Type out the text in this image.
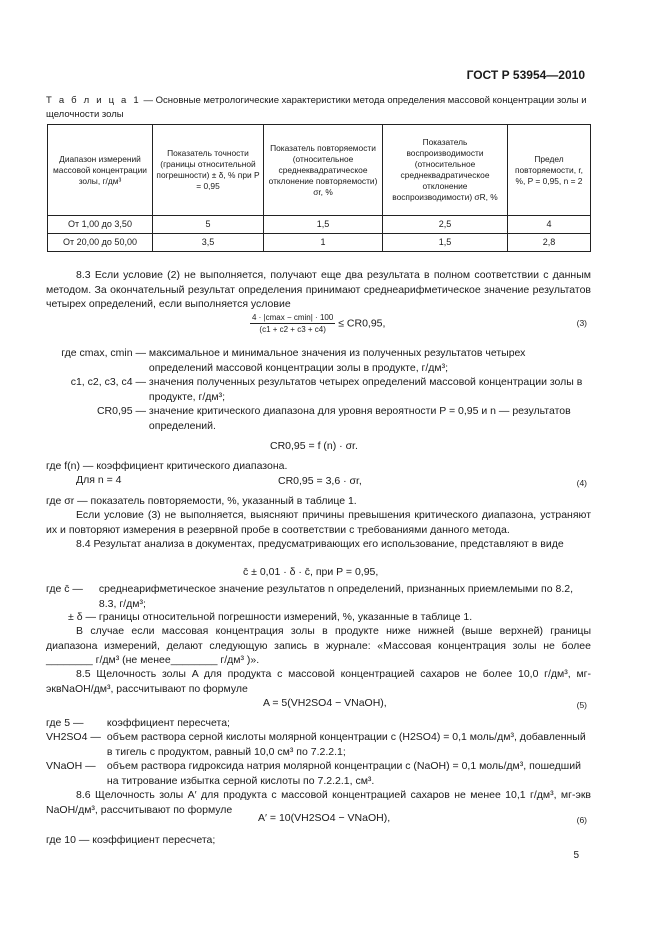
ГОСТ Р 53954—2010
Т а б л и ц а 1 — Основные метрологические характеристики метода определения массовой концентрации золы и щелочности золы
Диапазон измерений массовой концентрации золы, г/дм³	Показатель точности (границы относительной погрешности) ± δ, % при P = 0,95	Показатель повторяемости (относительное среднеквадратическое отклонение повторяемости) σr, %	Показатель воспроизводимости (относительное среднеквадратическое отклонение воспроизводимости) σR, %	Предел повторяемости, r, %, P = 0,95, n = 2
От 1,00 до 3,50	5	1,5	2,5	4
От 20,00 до 50,00	3,5	1	1,5	2,8
8.3 Если условие (2) не выполняется, получают еще два результата в полном соответствии с данным методом. За окончательный результат определения принимают среднеарифметическое значение результатов четырех определений, если выполняется условие
$\frac{4 \cdot |cmax - cmin| \cdot 100}{(c1 + c2 + c3 + c4)} \le CR0,95$,	(3)
где cmax, cmin — максимальное и минимальное значения из полученных результатов четырех определений массовой концентрации золы в продукте, г/дм³;
c1, c2, c3, c4 — значения полученных результатов четырех определений массовой концентрации золы в продукте, г/дм³;
CR0,95 — значение критического диапазона для уровня вероятности P = 0,95 и n — результатов определений.
CR0,95 = f (n) · σr.
где f(n) — коэффициент критического диапазона.
Для n = 4	CR0,95 = 3,6 · σr,	(4)
где σr — показатель повторяемости, %, указанный в таблице 1.
Если условие (3) не выполняется, выясняют причины превышения критического диапазона, устраняют их и повторяют измерения в резервной пробе в соответствии с требованиями данного метода.
8.4 Результат анализа в документах, предусматривающих его использование, представляют в виде
c̄ ± 0,01 · δ · c̄, при P = 0,95,
где c̄ — среднеарифметическое значение результатов n определений, признанных приемлемыми по 8.2, 8.3, г/дм³;
± δ — границы относительной погрешности измерений, %, указанные в таблице 1.
В случае если массовая концентрация золы в продукте ниже нижней (выше верхней) границы диапазона измерений, делают следующую запись в журнале: «Массовая концентрация золы не более ________ г/дм³ (не менее________ г/дм³ )».
8.5 Щелочность золы A для продукта с массовой концентрацией сахаров не более 10,0 г/дм³, мг-эквNaOH/дм³, рассчитывают по формуле
A = 5(VH2SO4 − VNaOH),	(5)
где 5 — коэффициент пересчета;
VH2SO4 — объем раствора серной кислоты молярной концентрации с (H2SO4) = 0,1 моль/дм³, добавленный в тигель с продуктом, равный 10,0 см³ по 7.2.2.1;
VNaOH — объем раствора гидроксида натрия молярной концентрации с (NaOH) = 0,1 моль/дм³, пошедший на титрование избытка серной кислоты по 7.2.2.1, см³.
8.6 Щелочность золы A′ для продукта с массовой концентрацией сахаров не менее 10,1 г/дм³, мг-экв NaOH/дм³, рассчитывают по формуле
A′ = 10(VH2SO4 − VNaOH),	(6)
где 10 — коэффициент пересчета;
5
